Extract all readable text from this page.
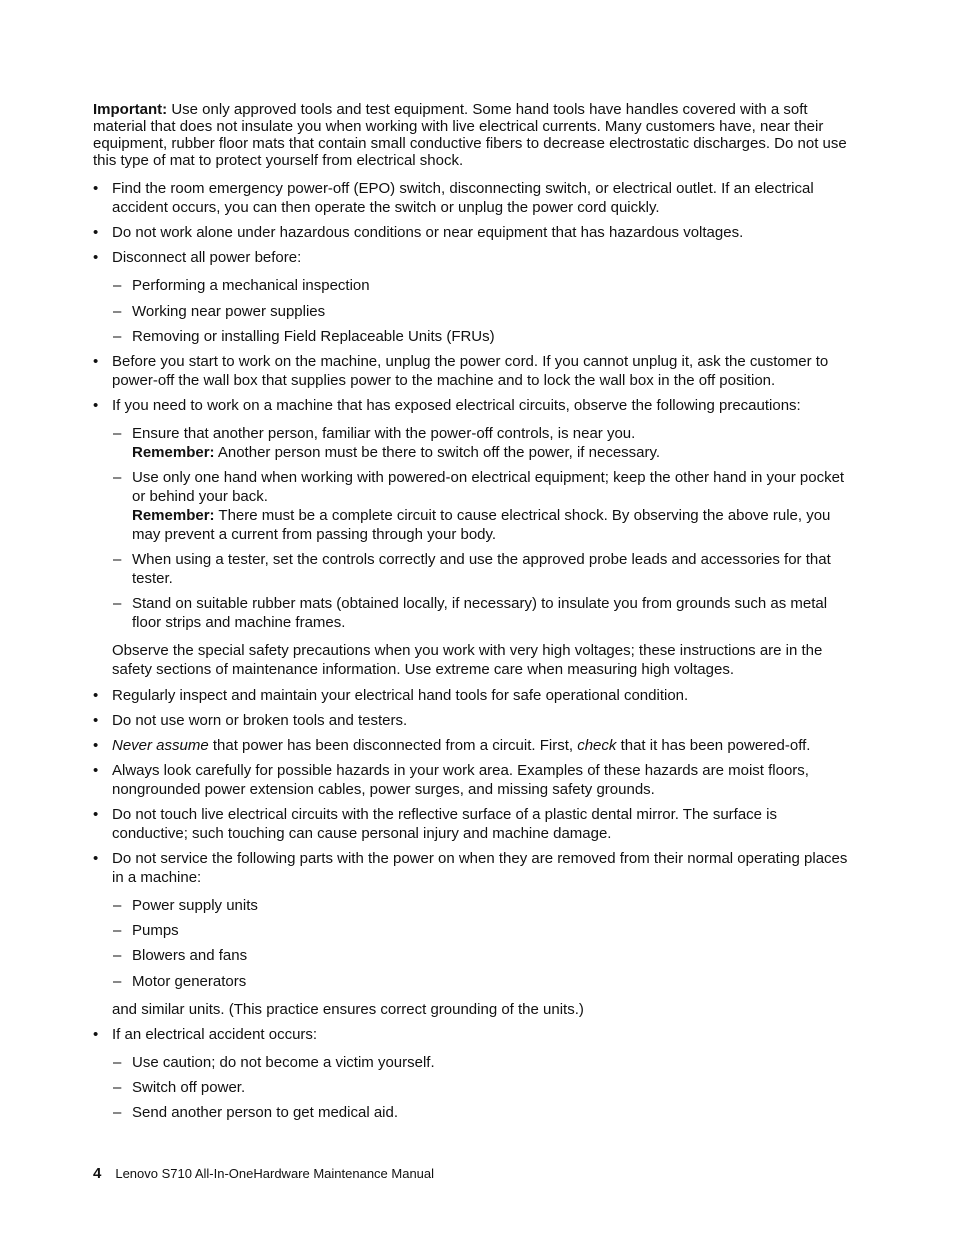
Important: Use only approved tools and test equipment. Some hand tools have handles covered with a soft material that does not insulate you when working with live electrical currents. Many customers have, near their equipment, rubber floor mats that contain small conductive fibers to decrease electrostatic discharges. Do not use this type of mat to protect yourself from electrical shock.

• Find the room emergency power-off (EPO) switch, disconnecting switch, or electrical outlet. If an electrical accident occurs, you can then operate the switch or unplug the power cord quickly.

• Do not work alone under hazardous conditions or near equipment that has hazardous voltages.

• Disconnect all power before:

– Performing a mechanical inspection

– Working near power supplies

– Removing or installing Field Replaceable Units (FRUs)

• Before you start to work on the machine, unplug the power cord. If you cannot unplug it, ask the customer to power-off the wall box that supplies power to the machine and to lock the wall box in the off position.

• If you need to work on a machine that has exposed electrical circuits, observe the following precautions:

– Ensure that another person, familiar with the power-off controls, is near you.
Remember: Another person must be there to switch off the power, if necessary.
– Use only one hand when working with powered-on electrical equipment; keep the other hand in your pocket or behind your back.
Remember: There must be a complete circuit to cause electrical shock. By observing the above rule, you may prevent a current from passing through your body.

– When using a tester, set the controls correctly and use the approved probe leads and accessories for that tester.

– Stand on suitable rubber mats (obtained locally, if necessary) to insulate you from grounds such as metal floor strips and machine frames.

Observe the special safety precautions when you work with very high voltages; these instructions are in the safety sections of maintenance information. Use extreme care when measuring high voltages.

• Regularly inspect and maintain your electrical hand tools for safe operational condition.

• Do not use worn or broken tools and testers.

• Never assume that power has been disconnected from a circuit. First, check that it has been powered-off.

• Always look carefully for possible hazards in your work area. Examples of these hazards are moist floors, nongrounded power extension cables, power surges, and missing safety grounds.

• Do not touch live electrical circuits with the reflective surface of a plastic dental mirror. The surface is conductive; such touching can cause personal injury and machine damage.

• Do not service the following parts with the power on when they are removed from their normal operating places in a machine:

– Power supply units

– Pumps

– Blowers and fans

– Motor generators

and similar units. (This practice ensures correct grounding of the units.)

• If an electrical accident occurs:

– Use caution; do not become a victim yourself.

– Switch off power.

– Send another person to get medical aid.

4 Lenovo S710 All-In-OneHardware Maintenance Manual
